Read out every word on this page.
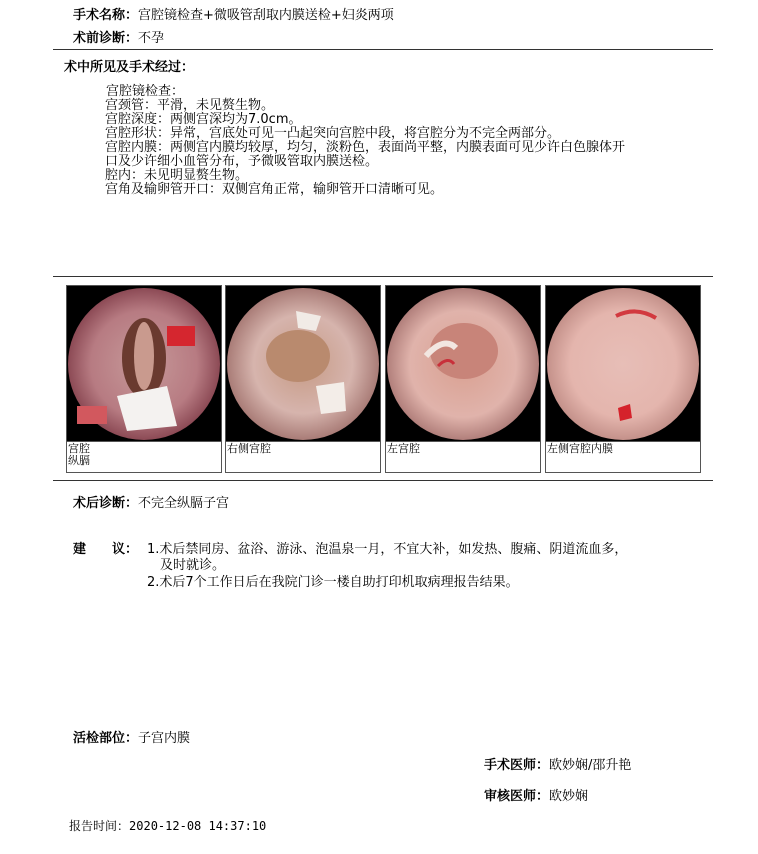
手术名称：宫腔镜检查+微吸管刮取内膜送检+妇炎两项
术前诊断：不孕
术中所见及手术经过：
宫腔镜检查：
宫颈管：平滑，未见赘生物。
宫腔深度：两侧宫深均为7.0cm。
宫腔形状：异常，宫底处可见一凸起突向宫腔中段，将宫腔分为不完全两部分。
宫腔内膜：两侧宫内膜均较厚，均匀，淡粉色，表面尚平整，内膜表面可见少许白色腺体开
口及少许细小血管分布，予微吸管取内膜送检。
腔内：未见明显赘生物。
宫角及输卵管开口：双侧宫角正常，输卵管开口清晰可见。
宫腔
纵膈
右侧宫腔	左宫腔	左侧宫腔内膜
术后诊断：不完全纵膈子宫
建　　议： 1.术后禁同房、盆浴、游泳、泡温泉一月，不宜大补，如发热、腹痛、阴道流血多，
　及时就诊。
2.术后7个工作日后在我院门诊一楼自助打印机取病理报告结果。
活检部位：子宫内膜
手术医师：欧妙娴/邵升艳
审核医师：欧妙娴
报告时间：2020-12-08 14:37:10
